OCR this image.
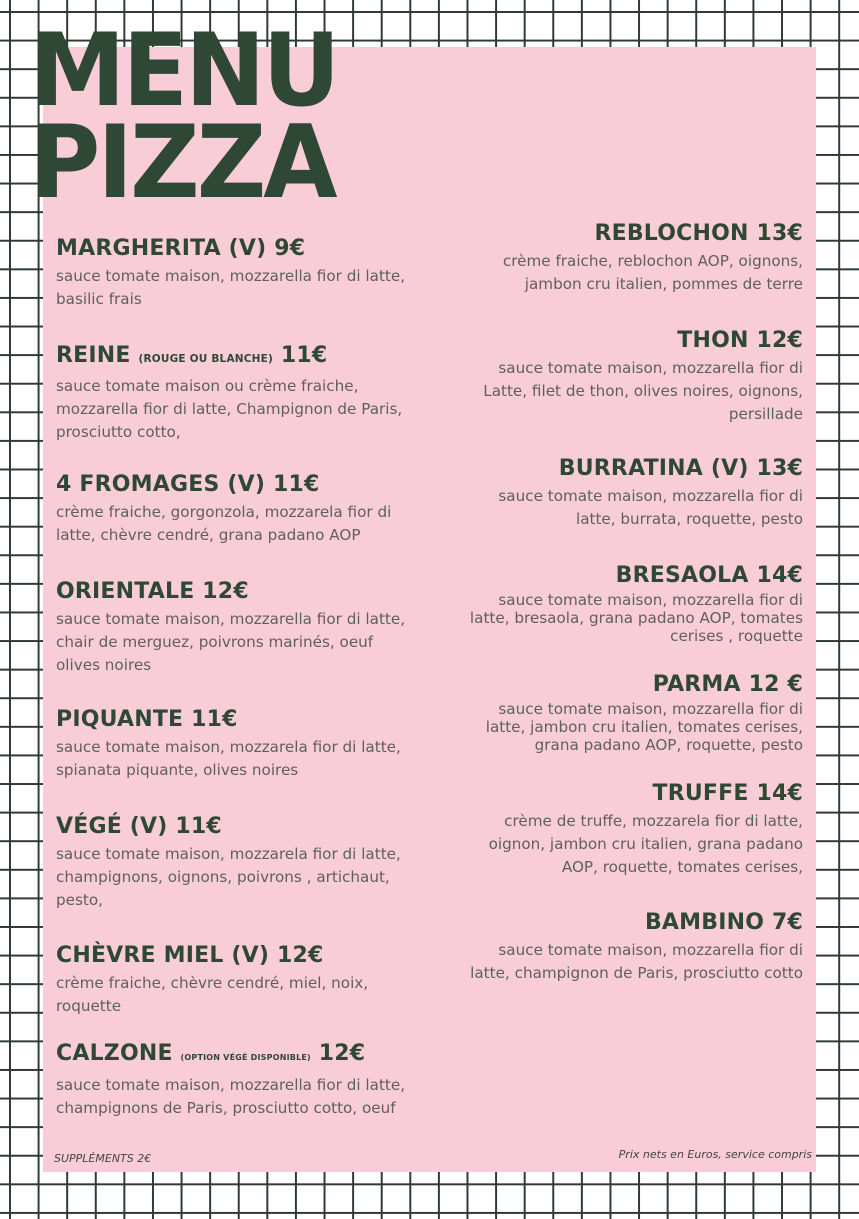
MENU
PIZZA
MARGHERITA (V) 9€
sauce tomate maison, mozzarella fior di latte,
basilic frais
REINE (ROUGE OU BLANCHE) 11€
sauce tomate maison ou crème fraiche,
mozzarella fior di latte, Champignon de Paris,
prosciutto cotto,
4 FROMAGES (V) 11€
crème fraiche, gorgonzola, mozzarela fior di
latte, chèvre cendré, grana padano AOP
ORIENTALE 12€
sauce tomate maison, mozzarella fior di latte,
chair de merguez, poivrons marinés, oeuf
olives noires
PIQUANTE 11€
sauce tomate maison, mozzarela fior di latte,
spianata piquante, olives noires
VÉGÉ (V) 11€
sauce tomate maison, mozzarela fior di latte,
champignons, oignons, poivrons , artichaut,
pesto,
CHÈVRE MIEL (V) 12€
crème fraiche, chèvre cendré, miel, noix,
roquette
CALZONE (OPTION VÉGÉ DISPONIBLE) 12€
sauce tomate maison, mozzarella fior di latte,
champignons de Paris, prosciutto cotto, oeuf
REBLOCHON 13€
crème fraiche, reblochon AOP, oignons,
jambon cru italien, pommes de terre
THON 12€
sauce tomate maison, mozzarella fior di
Latte, filet de thon, olives noires, oignons,
persillade
BURRATINA (V) 13€
sauce tomate maison, mozzarella fior di
latte, burrata, roquette, pesto
BRESAOLA 14€
sauce tomate maison, mozzarella fior di
latte, bresaola, grana padano AOP, tomates
cerises , roquette
PARMA 12 €
sauce tomate maison, mozzarella fior di
latte, jambon cru italien, tomates cerises,
grana padano AOP, roquette, pesto
TRUFFE 14€
crème de truffe, mozzarela fior di latte,
oignon, jambon cru italien, grana padano
AOP, roquette, tomates cerises,
BAMBINO 7€
sauce tomate maison, mozzarella fior di
latte, champignon de Paris, prosciutto cotto
SUPPLÉMENTS 2€	Prix nets en Euros, service compris
